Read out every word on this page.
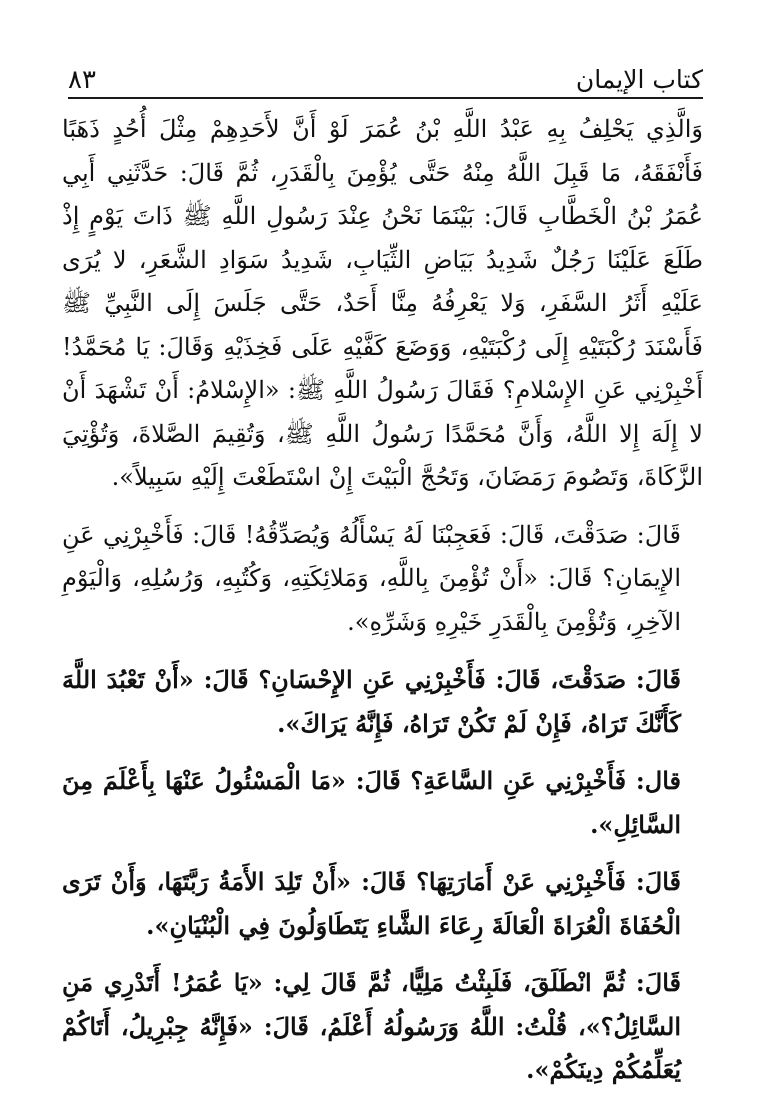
كتاب الإيمان
٨٣

وَالَّذِي يَحْلِفُ بِهِ عَبْدُ اللَّهِ بْنُ عُمَرَ لَوْ أَنَّ لأَحَدِهِمْ مِثْلَ أُحُدٍ ذَهَبًا فَأَنْفَقَهُ، مَا قَبِلَ اللَّهُ مِنْهُ حَتَّى يُؤْمِنَ بِالْقَدَرِ، ثُمَّ قَالَ: حَدَّثَنِي أَبِي عُمَرُ بْنُ الْخَطَّابِ قَالَ: بَيْنَمَا نَحْنُ عِنْدَ رَسُولِ اللَّهِ ﷺ ذَاتَ يَوْمٍ إِذْ طَلَعَ عَلَيْنَا رَجُلٌ شَدِيدُ بَيَاضِ الثِّيَابِ، شَدِيدُ سَوَادِ الشَّعَرِ، لا يُرَى عَلَيْهِ أَثَرُ السَّفَرِ، وَلا يَعْرِفُهُ مِنَّا أَحَدٌ، حَتَّى جَلَسَ إِلَى النَّبِيِّ ﷺ فَأَسْنَدَ رُكْبَتَيْهِ إِلَى رُكْبَتَيْهِ، وَوَضَعَ كَفَّيْهِ عَلَى فَخِذَيْهِ وَقَالَ: يَا مُحَمَّدُ! أَخْبِرْنِي عَنِ الإِسْلامِ؟ فَقَالَ رَسُولُ اللَّهِ ﷺ: «الإِسْلامُ: أَنْ تَشْهَدَ أَنْ لا إِلَهَ إِلا اللَّهُ، وَأَنَّ مُحَمَّدًا رَسُولُ اللَّهِ ﷺ، وَتُقِيمَ الصَّلاةَ، وَتُؤْتِيَ الزَّكَاةَ، وَتَصُومَ رَمَضَانَ، وَتَحُجَّ الْبَيْتَ إِنْ اسْتَطَعْتَ إِلَيْهِ سَبِيلاً».

قَالَ: صَدَقْتَ، قَالَ: فَعَجِبْنَا لَهُ يَسْأَلُهُ وَيُصَدِّقُهُ! قَالَ: فَأَخْبِرْنِي عَنِ الإِيمَانِ؟ قَالَ: «أَنْ تُؤْمِنَ بِاللَّهِ، وَمَلائِكَتِهِ، وَكُتُبِهِ، وَرُسُلِهِ، وَالْيَوْمِ الآخِرِ، وَتُؤْمِنَ بِالْقَدَرِ خَيْرِهِ وَشَرِّهِ».

قَالَ: صَدَقْتَ، قَالَ: فَأَخْبِرْنِي عَنِ الإِحْسَانِ؟ قَالَ: «أَنْ تَعْبُدَ اللَّهَ كَأَنَّكَ تَرَاهُ، فَإِنْ لَمْ تَكُنْ تَرَاهُ، فَإِنَّهُ يَرَاكَ».

قال: فَأَخْبِرْنِي عَنِ السَّاعَةِ؟ قَالَ: «مَا الْمَسْئُولُ عَنْهَا بِأَعْلَمَ مِنَ السَّائِلِ».

قَالَ: فَأَخْبِرْنِي عَنْ أَمَارَتِهَا؟ قَالَ: «أَنْ تَلِدَ الأَمَةُ رَبَّتَهَا، وَأَنْ تَرَى الْحُفَاةَ الْعُرَاةَ الْعَالَةَ رِعَاءَ الشَّاءِ يَتَطَاوَلُونَ فِي الْبُنْيَانِ».

قَالَ: ثُمَّ انْطَلَقَ، فَلَبِثْتُ مَلِيًّا، ثُمَّ قَالَ لِي: «يَا عُمَرُ! أَتَدْرِي مَنِ السَّائِلُ؟»، قُلْتُ: اللَّهُ وَرَسُولُهُ أَعْلَمُ، قَالَ: «فَإِنَّهُ جِبْرِيلُ، أَتَاكُمْ يُعَلِّمُكُمْ دِينَكُمْ».
